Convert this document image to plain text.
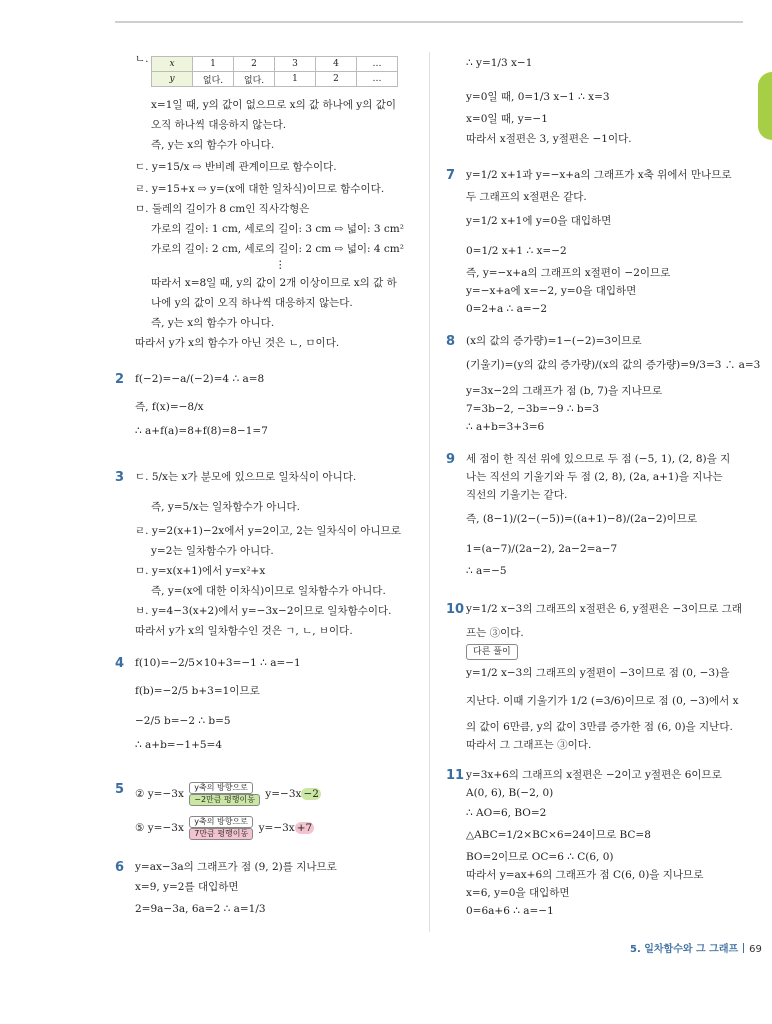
ㄴ. x	1	2	3	4	…
y	없다.	없다.	1	2	…
x=1일 때, y의 값이 없으므로 x의 값 하나에 y의 값이
오직 하나씩 대응하지 않는다.
즉, y는 x의 함수가 아니다.
ㄷ. y=15/x ⇨ 반비례 관계이므로 함수이다.
ㄹ. y=15+x ⇨ y=(x에 대한 일차식)이므로 함수이다.
ㅁ. 둘레의 길이가 8 cm인 직사각형은
가로의 길이: 1 cm, 세로의 길이: 3 cm ⇨ 넓이: 3 cm²
가로의 길이: 2 cm, 세로의 길이: 2 cm ⇨ 넓이: 4 cm²
⋮
따라서 x=8일 때, y의 값이 2개 이상이므로 x의 값 하
나에 y의 값이 오직 하나씩 대응하지 않는다.
즉, y는 x의 함수가 아니다.
따라서 y가 x의 함수가 아닌 것은 ㄴ, ㅁ이다.
2 f(−2)=−a/(−2)=4 ∴ a=8
즉, f(x)=−8/x
∴ a+f(a)=8+f(8)=8−1=7
3 ㄷ. 5/x는 x가 분모에 있으므로 일차식이 아니다.
즉, y=5/x는 일차함수가 아니다.
ㄹ. y=2(x+1)−2x에서 y=2이고, 2는 일차식이 아니므로
y=2는 일차함수가 아니다.
ㅁ. y=x(x+1)에서 y=x²+x
즉, y=(x에 대한 이차식)이므로 일차함수가 아니다.
ㅂ. y=4−3(x+2)에서 y=−3x−2이므로 일차함수이다.
따라서 y가 x의 일차함수인 것은 ㄱ, ㄴ, ㅂ이다.
4 f(10)=−2/5×10+3=−1 ∴ a=−1
f(b)=−2/5 b+3=1이므로
−2/5 b=−2 ∴ b=5
∴ a+b=−1+5=4
5 ② y=−3x y축의 방향으로
−2만큼 평행이동 y=−3x −2
⑤ y=−3x y축의 방향으로
7만큼 평행이동 y=−3x +7
6 y=ax−3a의 그래프가 점 (9, 2)를 지나므로
x=9, y=2를 대입하면
2=9a−3a, 6a=2 ∴ a=1/3
∴ y=1/3 x−1
y=0일 때, 0=1/3 x−1 ∴ x=3
x=0일 때, y=−1
따라서 x절편은 3, y절편은 −1이다.
7 y=1/2 x+1과 y=−x+a의 그래프가 x축 위에서 만나므로
두 그래프의 x절편은 같다.
y=1/2 x+1에 y=0을 대입하면
0=1/2 x+1 ∴ x=−2
즉, y=−x+a의 그래프의 x절편이 −2이므로
y=−x+a에 x=−2, y=0을 대입하면
0=2+a ∴ a=−2
8 (x의 값의 증가량)=1−(−2)=3이므로
(기울기)=(y의 값의 증가량)/(x의 값의 증가량)=9/3=3 ∴ a=3
y=3x−2의 그래프가 점 (b, 7)을 지나므로
7=3b−2, −3b=−9 ∴ b=3
∴ a+b=3+3=6
9 세 점이 한 직선 위에 있으므로 두 점 (−5, 1), (2, 8)을 지
나는 직선의 기울기와 두 점 (2, 8), (2a, a+1)을 지나는
직선의 기울기는 같다.
즉, (8−1)/(2−(−5))=((a+1)−8)/(2a−2)이므로
1=(a−7)/(2a−2), 2a−2=a−7
∴ a=−5
10 y=1/2 x−3의 그래프의 x절편은 6, y절편은 −3이므로 그래
프는 ③이다.
다른 풀이
y=1/2 x−3의 그래프의 y절편이 −3이므로 점 (0, −3)을
지난다. 이때 기울기가 1/2 (=3/6)이므로 점 (0, −3)에서 x
의 값이 6만큼, y의 값이 3만큼 증가한 점 (6, 0)을 지난다.
따라서 그 그래프는 ③이다.
11 y=3x+6의 그래프의 x절편은 −2이고 y절편은 6이므로
A(0, 6), B(−2, 0)
∴ AO=6, BO=2
△ABC=1/2×BC×6=24이므로 BC=8
BO=2이므로 OC=6 ∴ C(6, 0)
따라서 y=ax+6의 그래프가 점 C(6, 0)을 지나므로
x=6, y=0을 대입하면
0=6a+6 ∴ a=−1
5. 일차함수와 그 그래프 69
